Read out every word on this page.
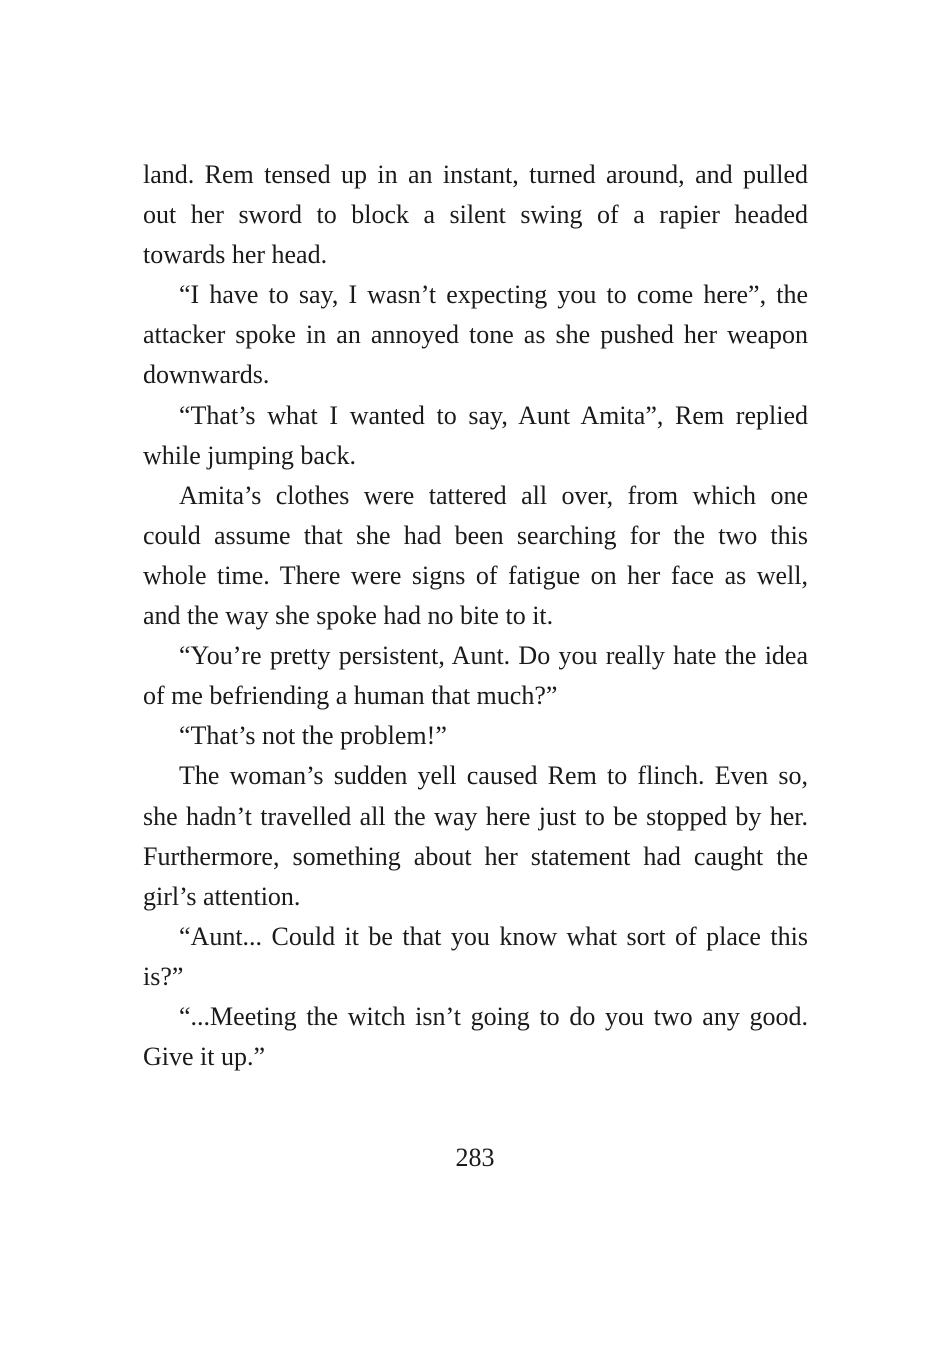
land. Rem tensed up in an instant, turned around, and pulled out her sword to block a silent swing of a rapier headed towards her head.

“I have to say, I wasn’t expecting you to come here”, the attacker spoke in an annoyed tone as she pushed her weapon downwards.

“That’s what I wanted to say, Aunt Amita”, Rem replied while jumping back.

Amita’s clothes were tattered all over, from which one could assume that she had been searching for the two this whole time. There were signs of fatigue on her face as well, and the way she spoke had no bite to it.

“You’re pretty persistent, Aunt. Do you really hate the idea of me befriending a human that much?”

“That’s not the problem!”

The woman’s sudden yell caused Rem to flinch. Even so, she hadn’t travelled all the way here just to be stopped by her. Furthermore, something about her statement had caught the girl’s attention.

“Aunt... Could it be that you know what sort of place this is?”

“...Meeting the witch isn’t going to do you two any good. Give it up.”

283
